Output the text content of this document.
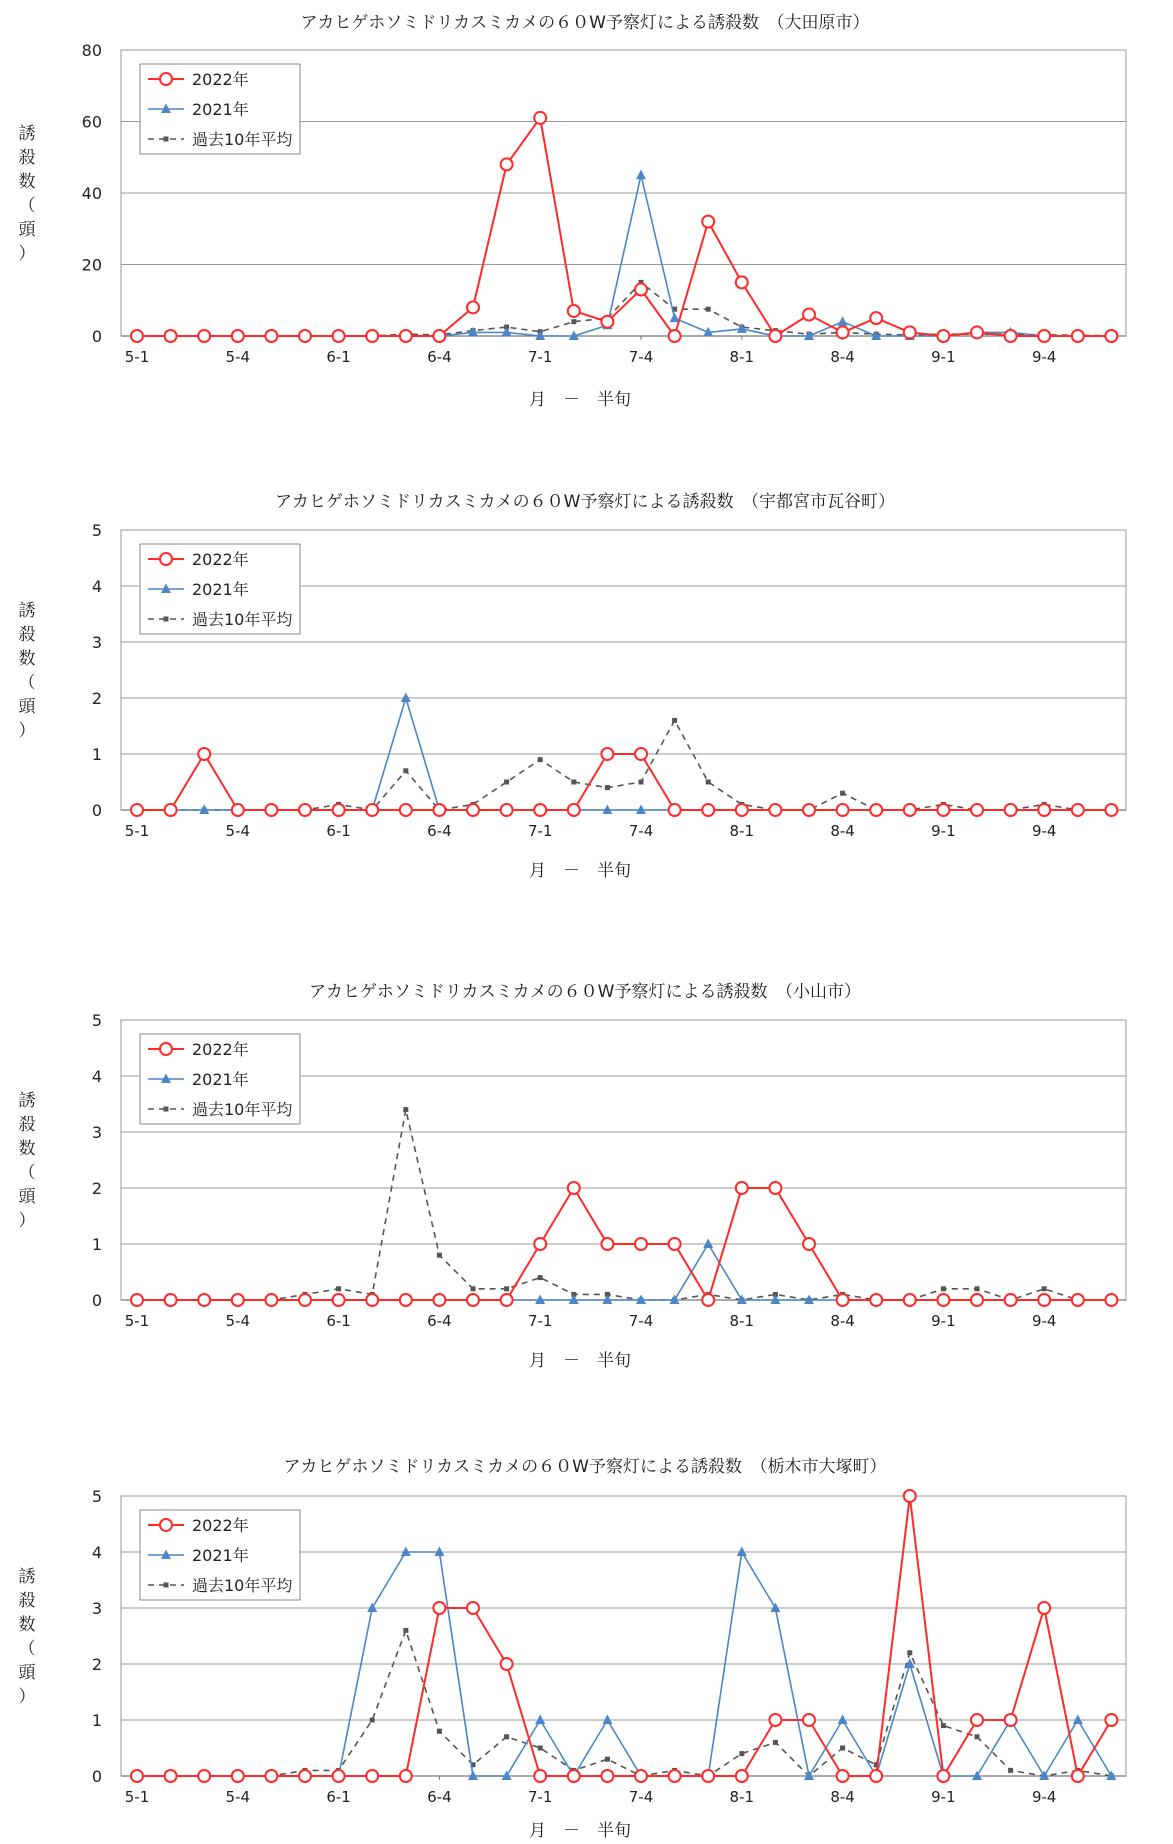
アカヒゲホソミドリカスミカメの６０W予察灯による誘殺数　（大田原市）
0
20
40
60
80
5-1	5-4	6-1	6-4	7-1	7-4	8-1	8-4	9-1	9-4
月　－　半旬
誘殺数（頭）
2022年
2021年
過去10年平均
アカヒゲホソミドリカスミカメの６０W予察灯による誘殺数　（宇都宮市瓦谷町）
0
1
2
3
4
5
5-1	5-4	6-1	6-4	7-1	7-4	8-1	8-4	9-1	9-4
月　－　半旬
誘殺数（頭）
2022年
2021年
過去10年平均
アカヒゲホソミドリカスミカメの６０W予察灯による誘殺数　（小山市）
0
1
2
3
4
5
5-1	5-4	6-1	6-4	7-1	7-4	8-1	8-4	9-1	9-4
月　－　半旬
誘殺数（頭）
2022年
2021年
過去10年平均
アカヒゲホソミドリカスミカメの６０W予察灯による誘殺数　（栃木市大塚町）
0
1
2
3
4
5
5-1	5-4	6-1	6-4	7-1	7-4	8-1	8-4	9-1	9-4
月　－　半旬
誘殺数（頭）
2022年
2021年
過去10年平均
